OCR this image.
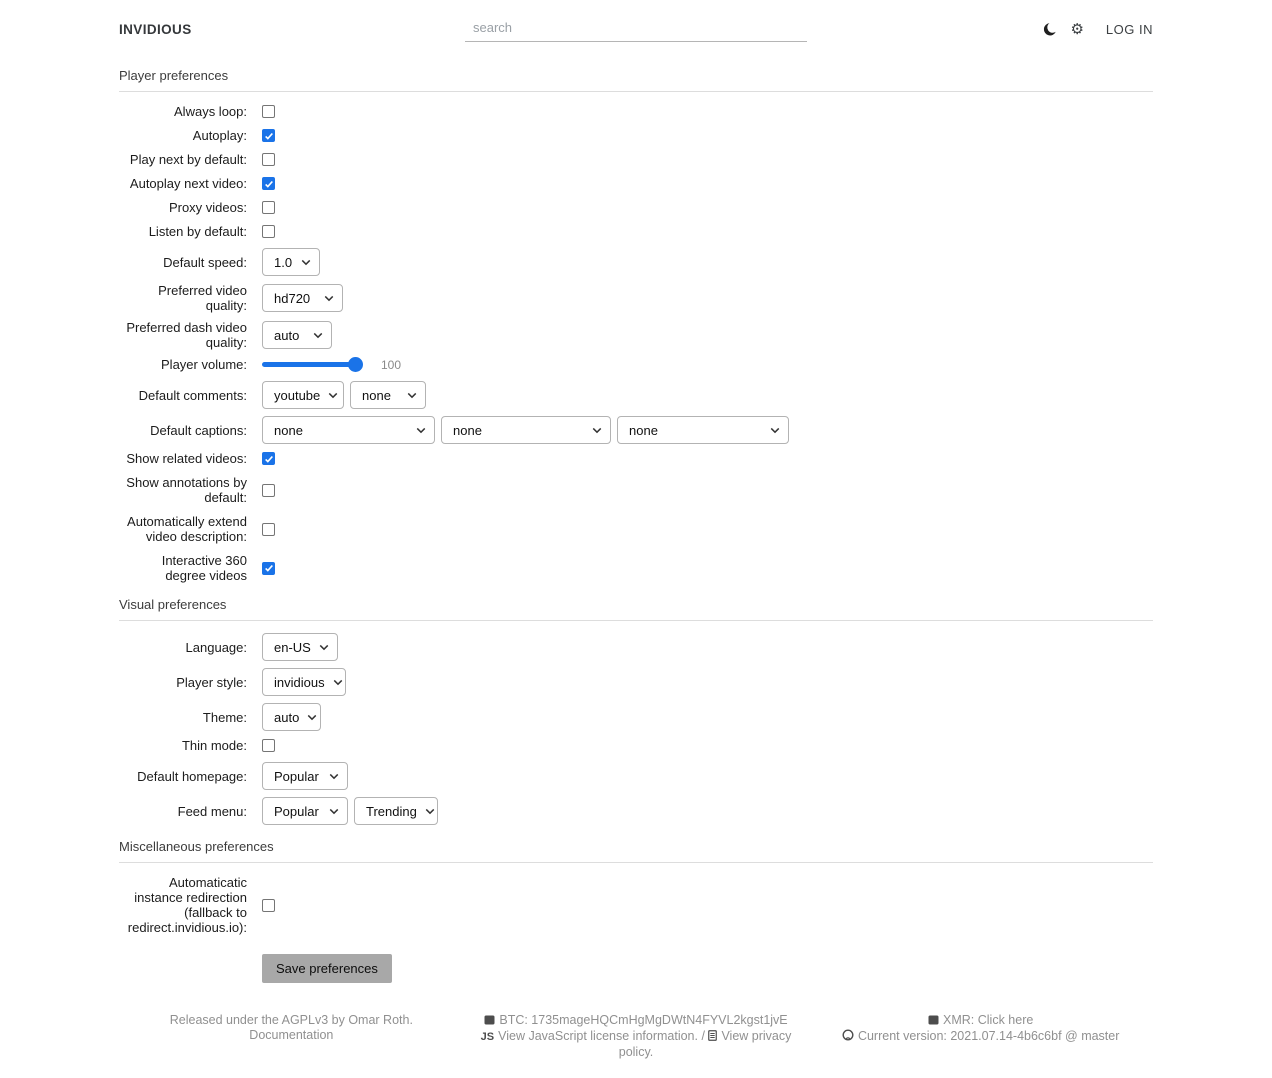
INVIDIOUS
search	⚙ LOG IN
Player preferences
Always loop:
Autoplay:
Play next by default:
Autoplay next video:
Proxy videos:
Listen by default:
Default speed: 1.0
Preferred video quality: hd720
Preferred dash video quality: auto
Player volume:	100
Default comments: youtube	none
Default captions: none	none	none
Show related videos:
Show annotations by default:
Automatically extend video description:
Interactive 360 degree videos
Visual preferences
Language: en-US
Player style: invidious
Theme: auto
Thin mode:
Default homepage: Popular
Feed menu: Popular	Trending
Miscellaneous preferences
Automaticatic instance redirection (fallback to redirect.invidious.io):
Save preferences
Released under the AGPLv3 by Omar Roth.
Documentation
BTC: 1735mageHQCmHgMgDWtN4FYVL2kgst1jvE
JS View JavaScript license information. / View privacy policy.
XMR: Click here
Current version: 2021.07.14-4b6c6bf @ master
